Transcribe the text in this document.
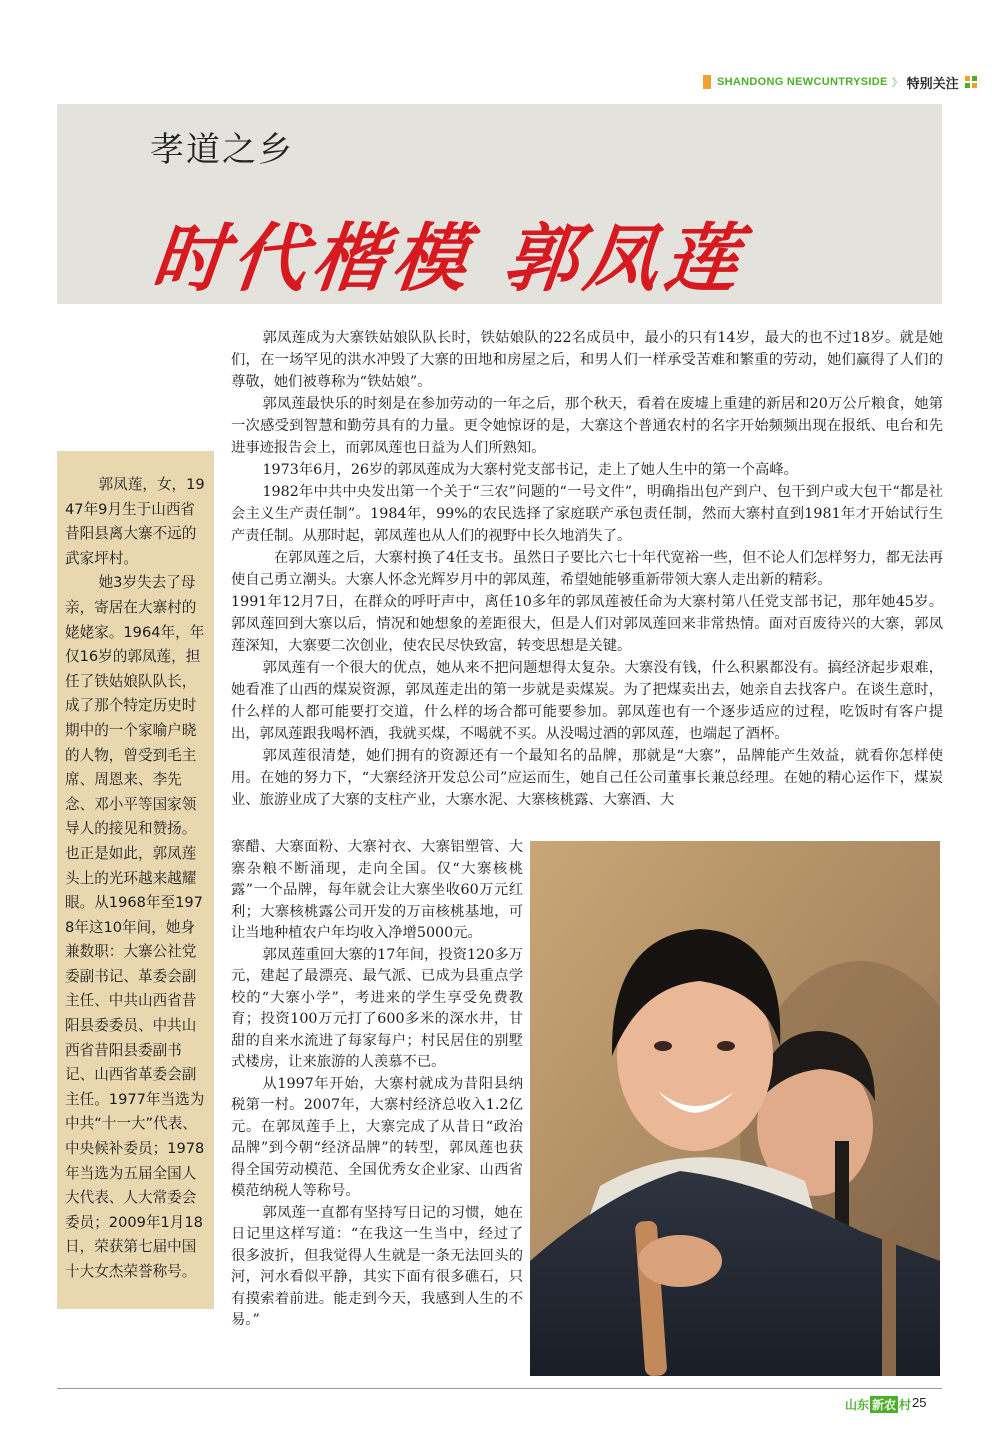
SHANDONG NEWCUNTRYSIDE 》 特别关注
孝道之乡
时代楷模 郭凤莲

郭凤莲，女，1947年9月生于山西省昔阳县离大寨不远的武家坪村。

她3岁失去了母亲，寄居在大寨村的姥姥家。1964年，年仅16岁的郭凤莲，担任了铁姑娘队队长，成了那个特定历史时期中的一个家喻户晓的人物，曾受到毛主席、周恩来、李先念、邓小平等国家领导人的接见和赞扬。也正是如此，郭凤莲头上的光环越来越耀眼。从1968年至1978年这10年间，她身兼数职：大寨公社党委副书记、革委会副主任、中共山西省昔阳县委委员、中共山西省昔阳县委副书记、山西省革委会副主任。1977年当选为中共“十一大”代表、中央候补委员；1978年当选为五届全国人大代表、人大常委会委员；2009年1月18日，荣获第七届中国十大女杰荣誉称号。

郭凤莲成为大寨铁姑娘队队长时，铁姑娘队的22名成员中，最小的只有14岁，最大的也不过18岁。就是她们，在一场罕见的洪水冲毁了大寨的田地和房屋之后，和男人们一样承受苦难和繁重的劳动，她们赢得了人们的尊敬，她们被尊称为“铁姑娘”。

郭凤莲最快乐的时刻是在参加劳动的一年之后，那个秋天，看着在废墟上重建的新居和20万公斤粮食，她第一次感受到智慧和勤劳具有的力量。更令她惊讶的是，大寨这个普通农村的名字开始频频出现在报纸、电台和先进事迹报告会上，而郭凤莲也日益为人们所熟知。

1973年6月，26岁的郭凤莲成为大寨村党支部书记，走上了她人生中的第一个高峰。

1982年中共中央发出第一个关于“三农”问题的“一号文件”，明确指出包产到户、包干到户或大包干“都是社会主义生产责任制”。1984年，99%的农民选择了家庭联产承包责任制，然而大寨村直到1981年才开始试行生产责任制。从那时起，郭凤莲也从人们的视野中长久地消失了。

在郭凤莲之后，大寨村换了4任支书。虽然日子要比六七十年代宽裕一些，但不论人们怎样努力，都无法再使自己勇立潮头。大寨人怀念光辉岁月中的郭凤莲，希望她能够重新带领大寨人走出新的精彩。

1991年12月7日，在群众的呼吁声中，离任10多年的郭凤莲被任命为大寨村第八任党支部书记，那年她45岁。郭凤莲回到大寨以后，情况和她想象的差距很大，但是人们对郭凤莲回来非常热情。面对百废待兴的大寨，郭凤莲深知，大寨要二次创业，使农民尽快致富，转变思想是关键。

郭凤莲有一个很大的优点，她从来不把问题想得太复杂。大寨没有钱，什么积累都没有。搞经济起步艰难，她看准了山西的煤炭资源，郭凤莲走出的第一步就是卖煤炭。为了把煤卖出去，她亲自去找客户。在谈生意时，什么样的人都可能要打交道，什么样的场合都可能要参加。郭凤莲也有一个逐步适应的过程，吃饭时有客户提出，郭凤莲跟我喝杯酒，我就买煤，不喝就不买。从没喝过酒的郭凤莲，也端起了酒杯。

郭凤莲很清楚，她们拥有的资源还有一个最知名的品牌，那就是“大寨”，品牌能产生效益，就看你怎样使用。在她的努力下，“大寨经济开发总公司”应运而生，她自己任公司董事长兼总经理。在她的精心运作下，煤炭业、旅游业成了大寨的支柱产业，大寨水泥、大寨核桃露、大寨酒、大

寨醋、大寨面粉、大寨衬衣、大寨铝塑管、大寨杂粮不断涌现，走向全国。仅“大寨核桃露”一个品牌，每年就会让大寨坐收60万元红利；大寨核桃露公司开发的万亩核桃基地，可让当地种植农户年均收入净增5000元。

郭凤莲重回大寨的17年间，投资120多万元，建起了最漂亮、最气派、已成为县重点学校的“大寨小学”，考进来的学生享受免费教育；投资100万元打了600多米的深水井，甘甜的自来水流进了每家每户；村民居住的别墅式楼房，让来旅游的人羡慕不已。

从1997年开始，大寨村就成为昔阳县纳税第一村。2007年，大寨村经济总收入1.2亿元。在郭凤莲手上，大寨完成了从昔日“政治品牌”到今朝“经济品牌”的转型，郭凤莲也获得全国劳动模范、全国优秀女企业家、山西省模范纳税人等称号。

郭凤莲一直都有坚持写日记的习惯，她在日记里这样写道：“在我这一生当中，经过了很多波折，但我觉得人生就是一条无法回头的河，河水看似平静，其实下面有很多礁石，只有摸索着前进。能走到今天，我感到人生的不易。”

山东 新农 村 25
